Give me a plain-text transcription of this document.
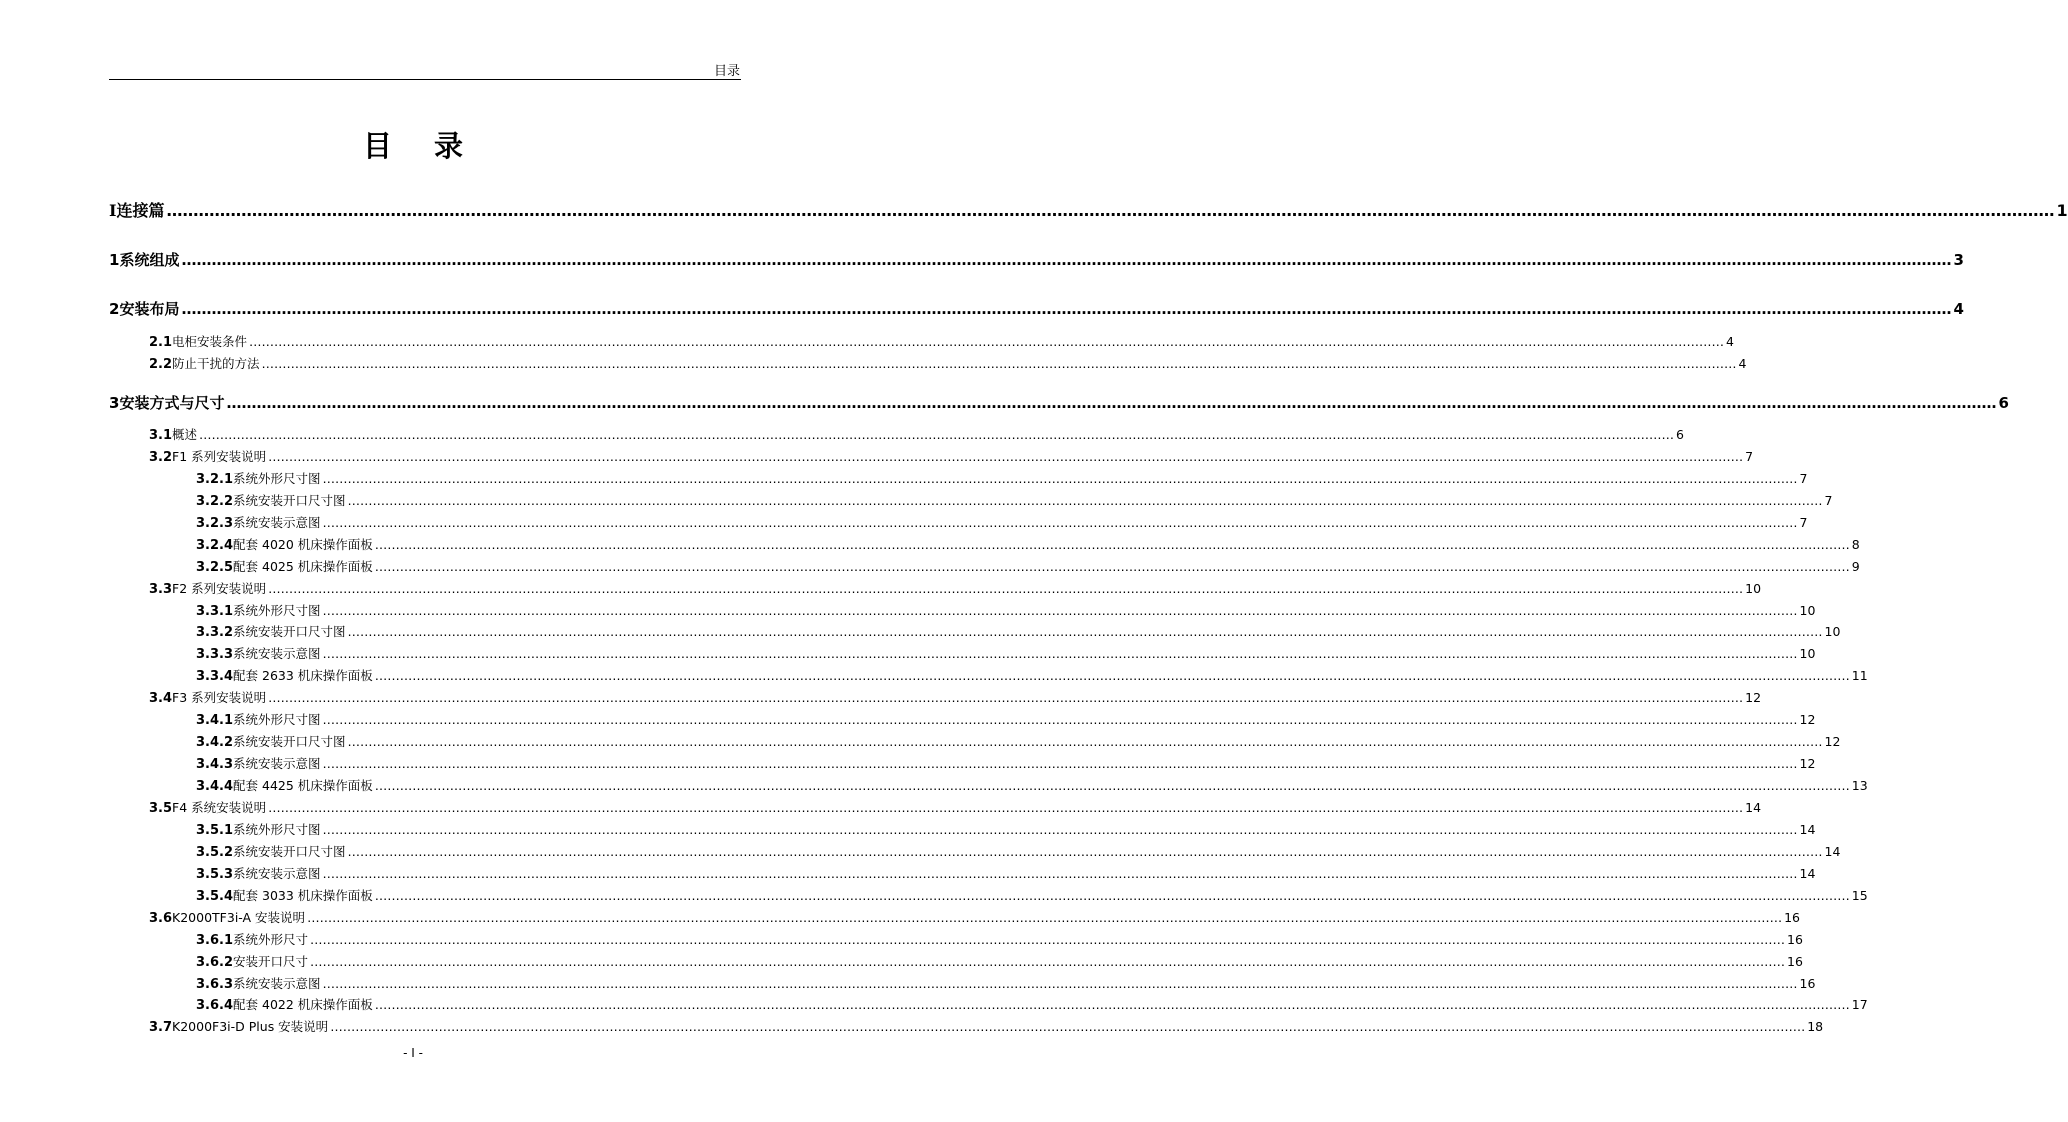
目录
目 录
I 连接篇 ………………………………………………………………………………………………………………………………………………………………………………………………………………………………………………………………………………………………………………………… 1
1 系统组成 ………………………………………………………………………………………………………………………………………………………………………………………………………………………………………………………………………………………………………………………… 3
2 安装布局 ………………………………………………………………………………………………………………………………………………………………………………………………………………………………………………………………………………………………………………………… 4
2.1 电柜安装条件 ………………………………………………………………………………………………………………………………………………………………………………………………………………………………………………………………………………………………………………………… 4
2.2 防止干扰的方法 ………………………………………………………………………………………………………………………………………………………………………………………………………………………………………………………………………………………………………………………… 4
3 安装方式与尺寸 ………………………………………………………………………………………………………………………………………………………………………………………………………………………………………………………………………………………………………………………… 6
3.1 概述 ………………………………………………………………………………………………………………………………………………………………………………………………………………………………………………………………………………………………………………………… 6
3.2 F1 系列安装说明 ………………………………………………………………………………………………………………………………………………………………………………………………………………………………………………………………………………………………………………………… 7
3.2.1 系统外形尺寸图 ………………………………………………………………………………………………………………………………………………………………………………………………………………………………………………………………………………………………………………………… 7
3.2.2 系统安装开口尺寸图 ………………………………………………………………………………………………………………………………………………………………………………………………………………………………………………………………………………………………………………………… 7
3.2.3 系统安装示意图 ………………………………………………………………………………………………………………………………………………………………………………………………………………………………………………………………………………………………………………………… 7
3.2.4 配套 4020 机床操作面板 ………………………………………………………………………………………………………………………………………………………………………………………………………………………………………………………………………………………………………………………… 8
3.2.5 配套 4025 机床操作面板 ………………………………………………………………………………………………………………………………………………………………………………………………………………………………………………………………………………………………………………………… 9
3.3 F2 系列安装说明 ………………………………………………………………………………………………………………………………………………………………………………………………………………………………………………………………………………………………………………………… 10
3.3.1 系统外形尺寸图 ………………………………………………………………………………………………………………………………………………………………………………………………………………………………………………………………………………………………………………………… 10
3.3.2 系统安装开口尺寸图 ………………………………………………………………………………………………………………………………………………………………………………………………………………………………………………………………………………………………………………………… 10
3.3.3 系统安装示意图 ………………………………………………………………………………………………………………………………………………………………………………………………………………………………………………………………………………………………………………………… 10
3.3.4 配套 2633 机床操作面板 ………………………………………………………………………………………………………………………………………………………………………………………………………………………………………………………………………………………………………………………… 11
3.4 F3 系列安装说明 ………………………………………………………………………………………………………………………………………………………………………………………………………………………………………………………………………………………………………………………… 12
3.4.1 系统外形尺寸图 ………………………………………………………………………………………………………………………………………………………………………………………………………………………………………………………………………………………………………………………… 12
3.4.2 系统安装开口尺寸图 ………………………………………………………………………………………………………………………………………………………………………………………………………………………………………………………………………………………………………………………… 12
3.4.3 系统安装示意图 ………………………………………………………………………………………………………………………………………………………………………………………………………………………………………………………………………………………………………………………… 12
3.4.4 配套 4425 机床操作面板 ………………………………………………………………………………………………………………………………………………………………………………………………………………………………………………………………………………………………………………………… 13
3.5 F4 系统安装说明 ………………………………………………………………………………………………………………………………………………………………………………………………………………………………………………………………………………………………………………………… 14
3.5.1 系统外形尺寸图 ………………………………………………………………………………………………………………………………………………………………………………………………………………………………………………………………………………………………………………………… 14
3.5.2 系统安装开口尺寸图 ………………………………………………………………………………………………………………………………………………………………………………………………………………………………………………………………………………………………………………………… 14
3.5.3 系统安装示意图 ………………………………………………………………………………………………………………………………………………………………………………………………………………………………………………………………………………………………………………………… 14
3.5.4 配套 3033 机床操作面板 ………………………………………………………………………………………………………………………………………………………………………………………………………………………………………………………………………………………………………………………… 15
3.6 K2000TF3i-A 安装说明 ………………………………………………………………………………………………………………………………………………………………………………………………………………………………………………………………………………………………………………………… 16
3.6.1 系统外形尺寸 ………………………………………………………………………………………………………………………………………………………………………………………………………………………………………………………………………………………………………………………… 16
3.6.2 安装开口尺寸 ………………………………………………………………………………………………………………………………………………………………………………………………………………………………………………………………………………………………………………………… 16
3.6.3 系统安装示意图 ………………………………………………………………………………………………………………………………………………………………………………………………………………………………………………………………………………………………………………………… 16
3.6.4 配套 4022 机床操作面板 ………………………………………………………………………………………………………………………………………………………………………………………………………………………………………………………………………………………………………………………… 17
3.7 K2000F3i-D Plus 安装说明 ………………………………………………………………………………………………………………………………………………………………………………………………………………………………………………………………………………………………………………………… 18
- I -
